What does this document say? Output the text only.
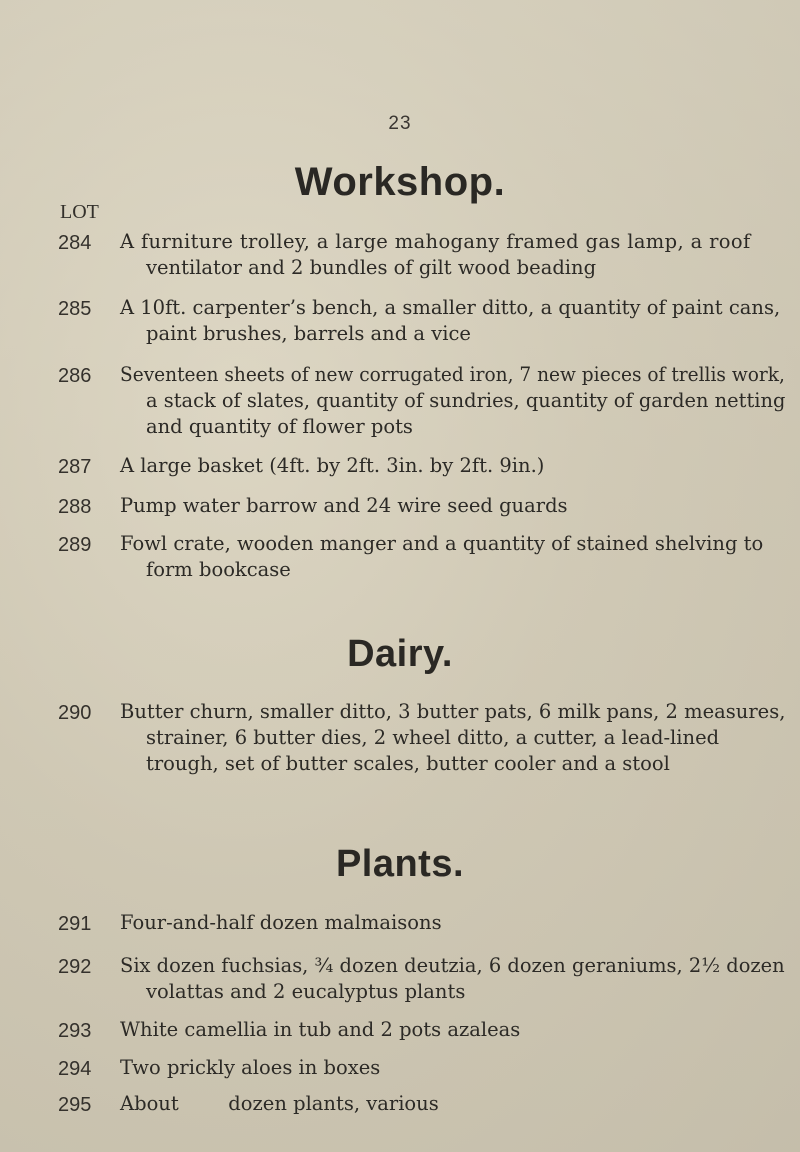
23
LOT
Workshop.
284	A furniture trolley, a large mahogany framed gas lamp, a roof
ventilator and 2 bundles of gilt wood beading
285	A 10ft. carpenter’s bench, a smaller ditto, a quantity of paint cans,
paint brushes, barrels and a vice
286	Seventeen sheets of new corrugated iron, 7 new pieces of trellis work,
a stack of slates, quantity of sundries, quantity of garden netting
and quantity of flower pots
287	A large basket (4ft. by 2ft. 3in. by 2ft. 9in.)
288	Pump water barrow and 24 wire seed guards
289	Fowl crate, wooden manger and a quantity of stained shelving to
form bookcase
Dairy.
290	Butter churn, smaller ditto, 3 butter pats, 6 milk pans, 2 measures,
strainer, 6 butter dies, 2 wheel ditto, a cutter, a lead-lined
trough, set of butter scales, butter cooler and a stool
Plants.
291	Four-and-half dozen malmaisons
292	Six dozen fuchsias, ¾ dozen deutzia, 6 dozen geraniums, 2½ dozen
volattas and 2 eucalyptus plants
293	White camellia in tub and 2 pots azaleas
294	Two prickly aloes in boxes
295	About        dozen plants, various
